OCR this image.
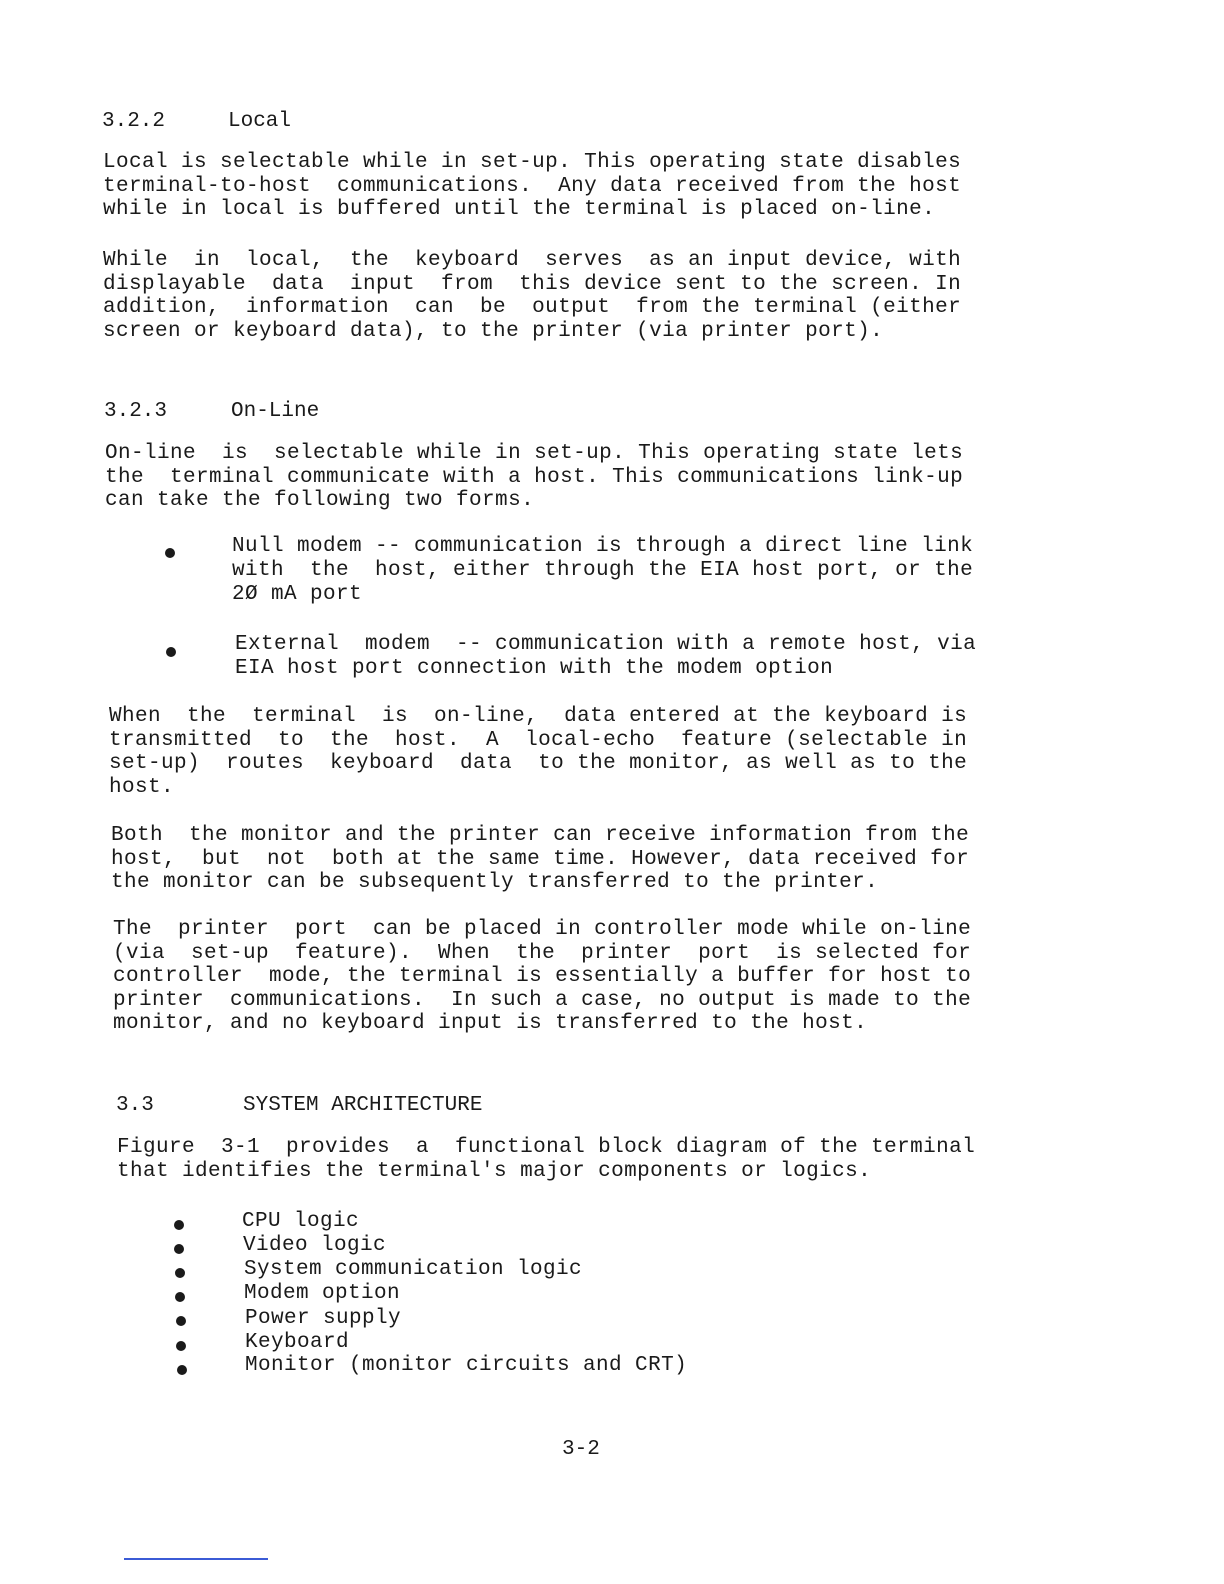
3.2.2	Local
Local is selectable while in set-up. This operating state disables
terminal-to-host  communications.  Any data received from the host
while in local is buffered until the terminal is placed on-line.
While  in  local,  the  keyboard  serves  as an input device, with
displayable  data  input  from  this device sent to the screen. In
addition,  information  can  be  output  from the terminal (either
screen or keyboard data), to the printer (via printer port).
3.2.3	On-Line
On-line  is  selectable while in set-up. This operating state lets
the  terminal communicate with a host. This communications link-up
can take the following two forms.
Null modem -- communication is through a direct line link
with  the  host, either through the EIA host port, or the
2Ø mA port
External  modem  -- communication with a remote host, via
EIA host port connection with the modem option
When  the  terminal  is  on-line,  data entered at the keyboard is
transmitted  to  the  host.  A  local-echo  feature (selectable in
set-up)  routes  keyboard  data  to the monitor, as well as to the
host.
Both  the monitor and the printer can receive information from the
host,  but  not  both at the same time. However, data received for
the monitor can be subsequently transferred to the printer.
The  printer  port  can be placed in controller mode while on-line
(via  set-up  feature).  When  the  printer  port  is selected for
controller  mode, the terminal is essentially a buffer for host to
printer  communications.  In such a case, no output is made to the
monitor, and no keyboard input is transferred to the host.
3.3	SYSTEM ARCHITECTURE
Figure  3-1  provides  a  functional block diagram of the terminal
that identifies the terminal's major components or logics.
CPU logic
Video logic
System communication logic
Modem option
Power supply
Keyboard
Monitor (monitor circuits and CRT)
3-2
